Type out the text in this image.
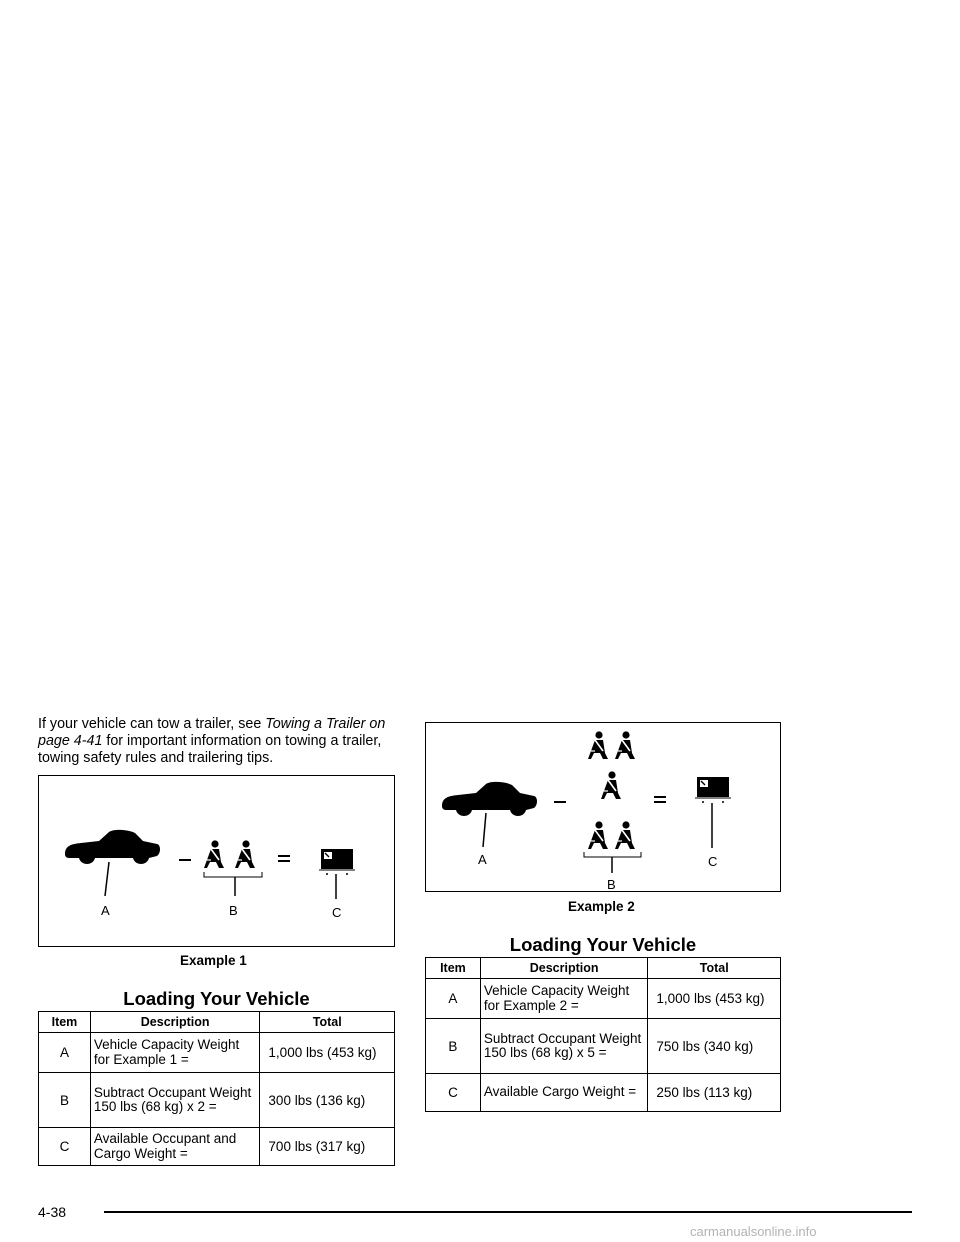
If your vehicle can tow a trailer, see Towing a Trailer on page 4-41 for important information on towing a trailer, towing safety rules and trailering tips.
A	B	C
Example 1
Loading Your Vehicle
Item	Description	Total
A	Vehicle Capacity Weight for Example 1 =	1,000 lbs (453 kg)
B	Subtract Occupant Weight 150 lbs (68 kg) x 2 =	300 lbs (136 kg)
C	Available Occupant and Cargo Weight =	700 lbs (317 kg)
A	C
B
Example 2
Loading Your Vehicle
Item	Description	Total
A	Vehicle Capacity Weight for Example 2 =	1,000 lbs (453 kg)
B	Subtract Occupant Weight 150 lbs (68 kg) x 5 =	750 lbs (340 kg)
C	Available Cargo Weight =	250 lbs (113 kg)
4-38
carmanualsonline.info
